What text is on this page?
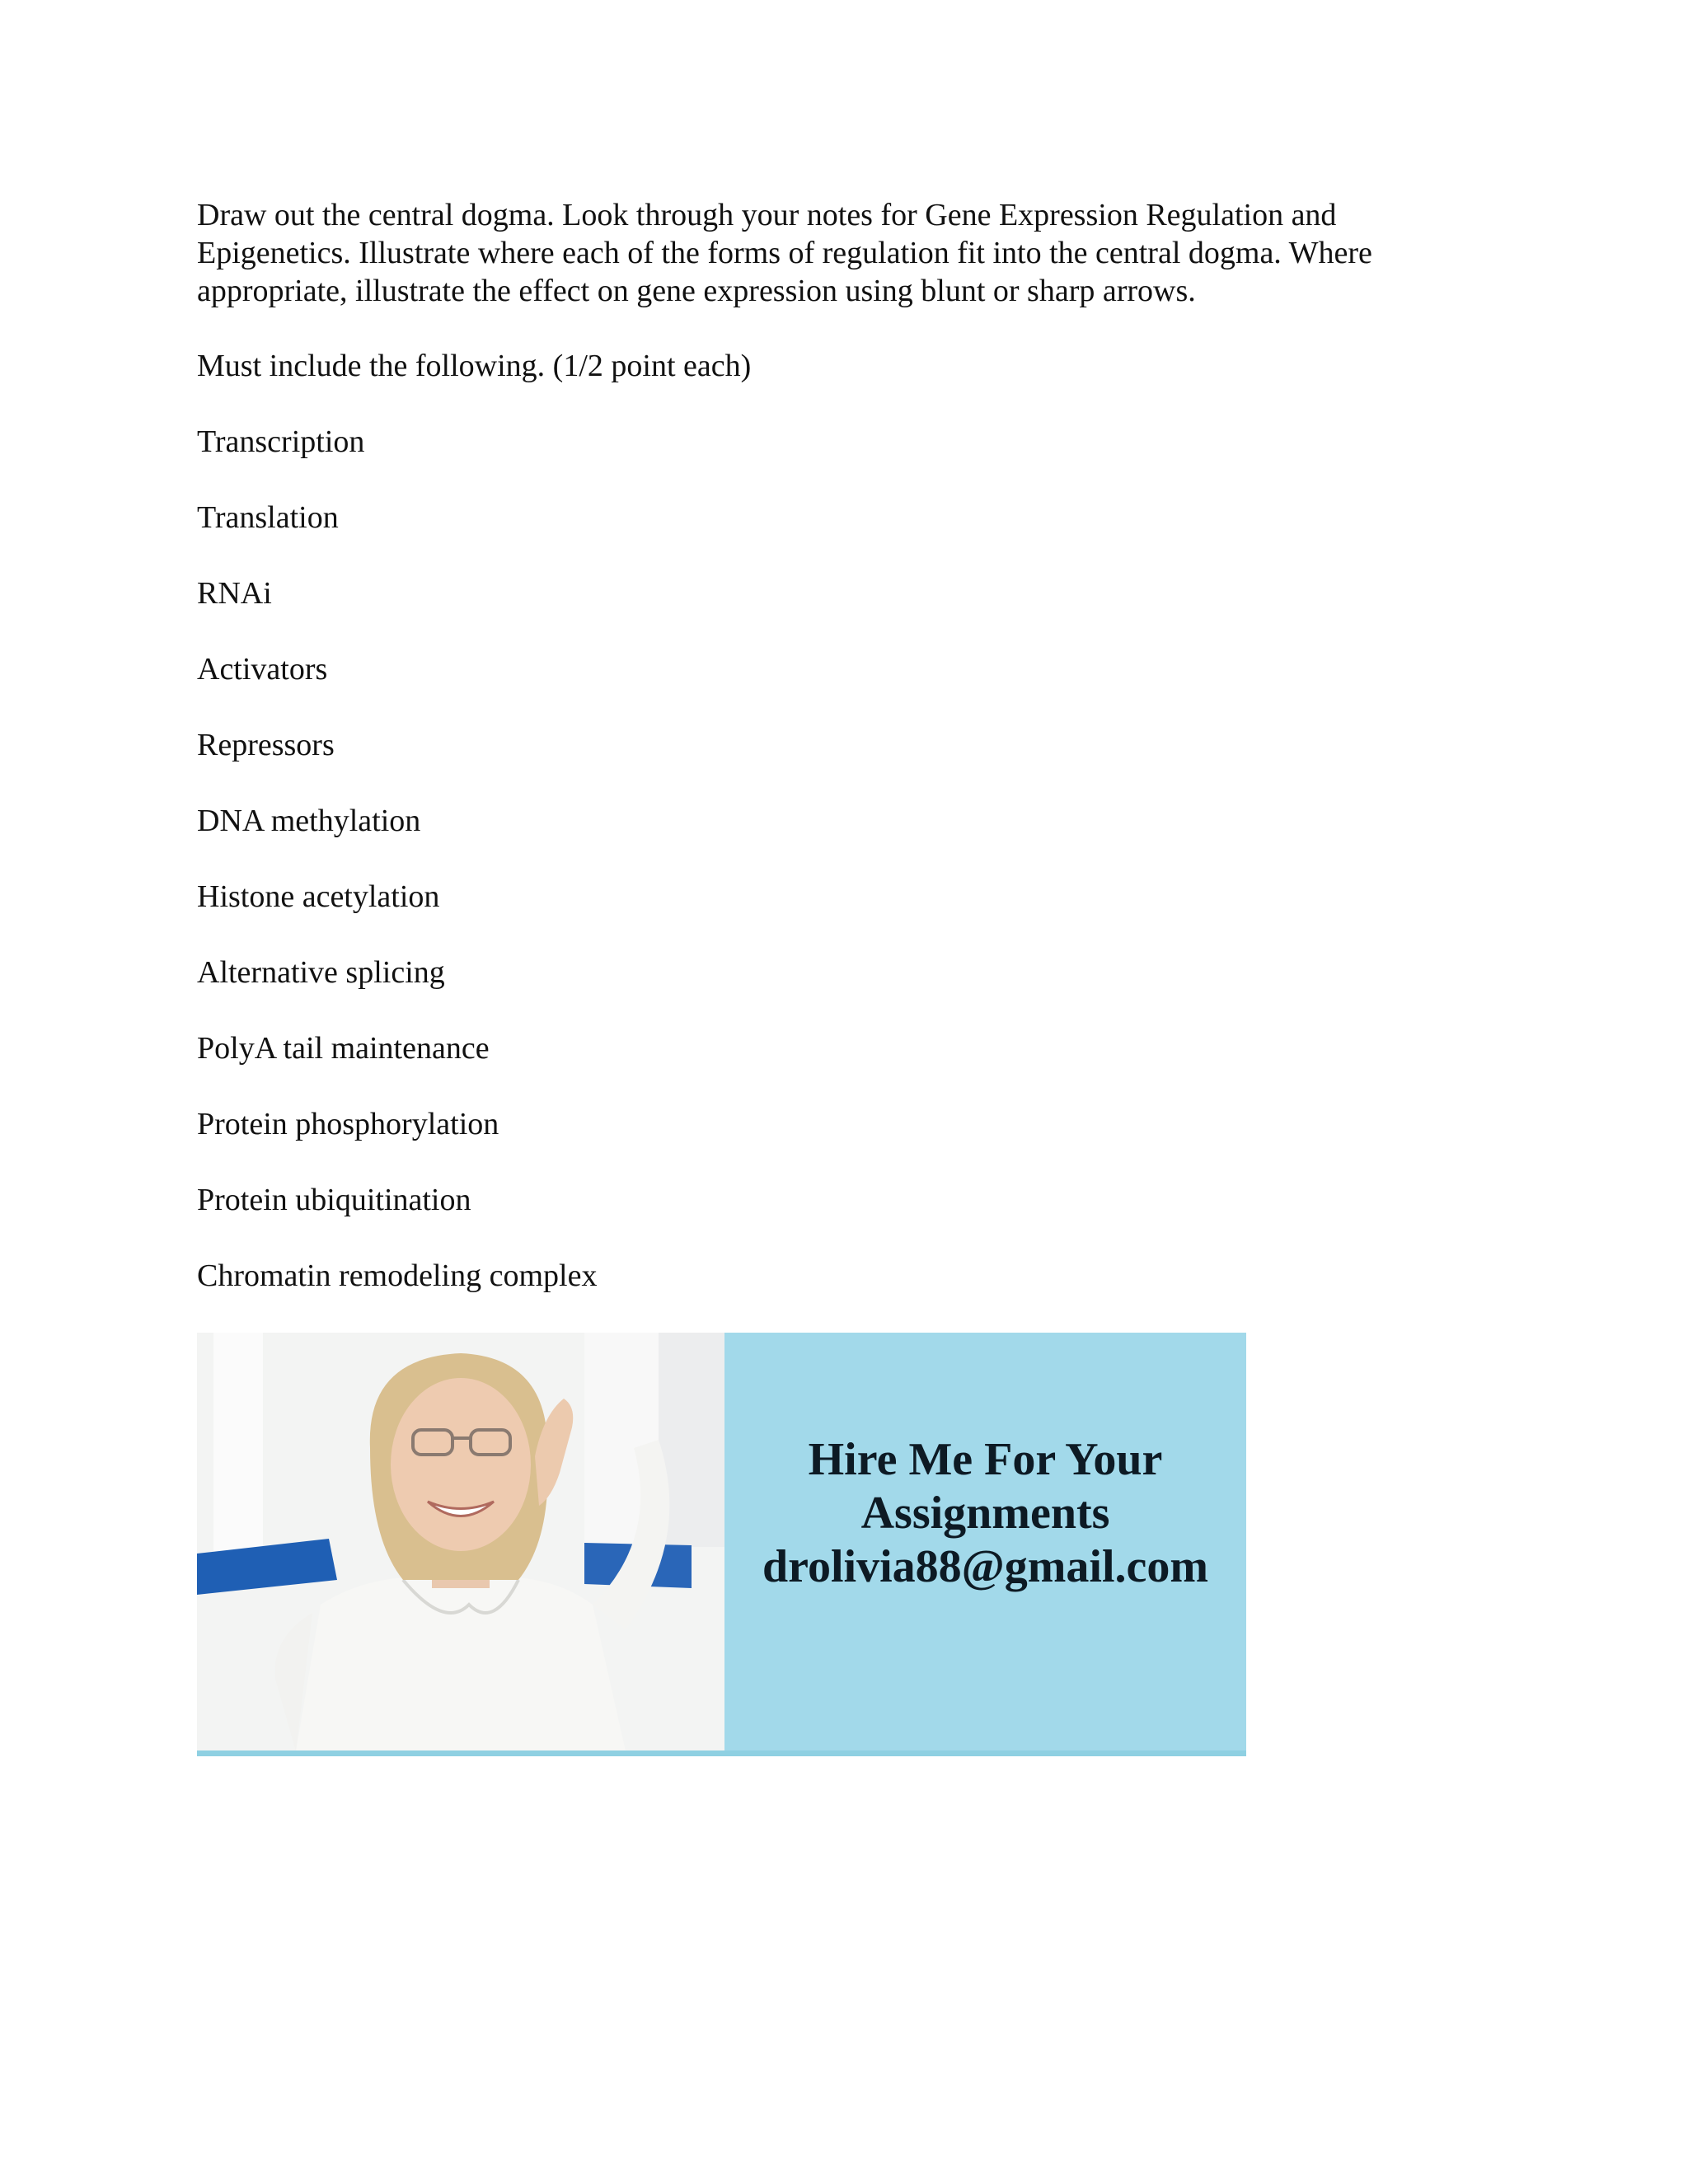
Draw out the central dogma. Look through your notes for Gene Expression Regulation and Epigenetics. Illustrate where each of the forms of regulation fit into the central dogma. Where appropriate, illustrate the effect on gene expression using blunt or sharp arrows.

Must include the following. (1/2 point each)

Transcription
Translation
RNAi
Activators
Repressors
DNA methylation
Histone acetylation
Alternative splicing
PolyA tail maintenance
Protein phosphorylation
Protein ubiquitination
Chromatin remodeling complex
Hire Me For Your
Assignments
drolivia88@gmail.com
